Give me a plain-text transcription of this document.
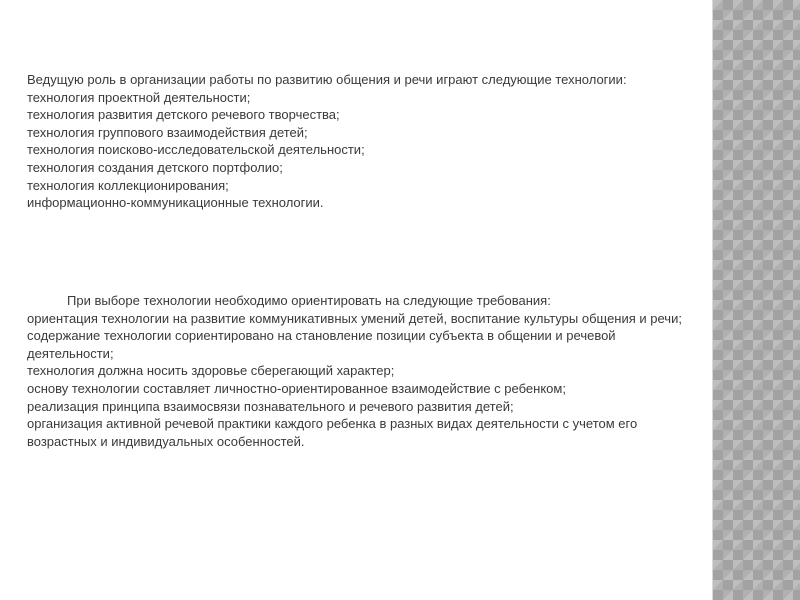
Ведущую роль в организации работы по развитию общения и речи играют следующие технологии:
технология проектной деятельности;
технология развития детского речевого творчества;
технология группового взаимодействия детей;
технология поисково-исследовательской деятельности;
технология создания детского портфолио;
технология коллекционирования;
информационно-коммуникационные технологии.
При выборе технологии необходимо ориентировать на следующие требования:
ориентация технологии на развитие коммуникативных умений детей, воспитание культуры общения и речи;
содержание технологии сориентировано на становление позиции субъекта в общении и речевой деятельности;
технология должна носить здоровье сберегающий характер;
основу технологии составляет личностно-ориентированное взаимодействие с ребенком;
реализация принципа взаимосвязи познавательного и речевого развития детей;
организация активной речевой практики каждого ребенка в разных видах деятельности с учетом его возрастных и индивидуальных особенностей.
